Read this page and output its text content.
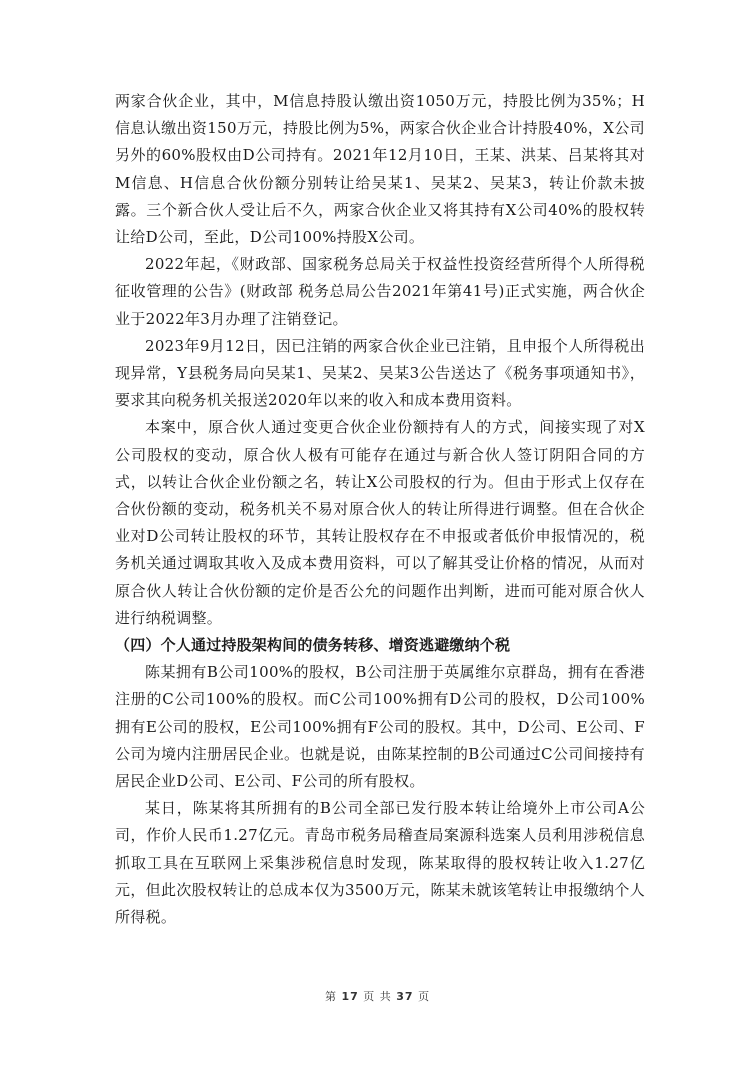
两家合伙企业，其中，M信息持股认缴出资1050万元，持股比例为35%；H信息认缴出资150万元，持股比例为5%，两家合伙企业合计持股40%，X公司另外的60%股权由D公司持有。2021年12月10日，王某、洪某、吕某将其对M信息、H信息合伙份额分别转让给吴某1、吴某2、吴某3，转让价款未披露。三个新合伙人受让后不久，两家合伙企业又将其持有X公司40%的股权转让给D公司，至此，D公司100%持股X公司。

2022年起，《财政部、国家税务总局关于权益性投资经营所得个人所得税征收管理的公告》(财政部 税务总局公告2021年第41号)正式实施，两合伙企业于2022年3月办理了注销登记。

2023年9月12日，因已注销的两家合伙企业已注销，且申报个人所得税出现异常，Y县税务局向吴某1、吴某2、吴某3公告送达了《税务事项通知书》，要求其向税务机关报送2020年以来的收入和成本费用资料。

本案中，原合伙人通过变更合伙企业份额持有人的方式，间接实现了对X公司股权的变动，原合伙人极有可能存在通过与新合伙人签订阴阳合同的方式，以转让合伙企业份额之名，转让X公司股权的行为。但由于形式上仅存在合伙份额的变动，税务机关不易对原合伙人的转让所得进行调整。但在合伙企业对D公司转让股权的环节，其转让股权存在不申报或者低价申报情况的，税务机关通过调取其收入及成本费用资料，可以了解其受让价格的情况，从而对原合伙人转让合伙份额的定价是否公允的问题作出判断，进而可能对原合伙人进行纳税调整。

（四）个人通过持股架构间的债务转移、增资逃避缴纳个税

陈某拥有B公司100%的股权，B公司注册于英属维尔京群岛，拥有在香港注册的C公司100%的股权。而C公司100%拥有D公司的股权，D公司100%拥有E公司的股权，E公司100%拥有F公司的股权。其中，D公司、E公司、F公司为境内注册居民企业。也就是说，由陈某控制的B公司通过C公司间接持有居民企业D公司、E公司、F公司的所有股权。

某日，陈某将其所拥有的B公司全部已发行股本转让给境外上市公司A公司，作价人民币1.27亿元。青岛市税务局稽查局案源科选案人员利用涉税信息抓取工具在互联网上采集涉税信息时发现，陈某取得的股权转让收入1.27亿元，但此次股权转让的总成本仅为3500万元，陈某未就该笔转让申报缴纳个人所得税。

第 17 页 共 37 页
